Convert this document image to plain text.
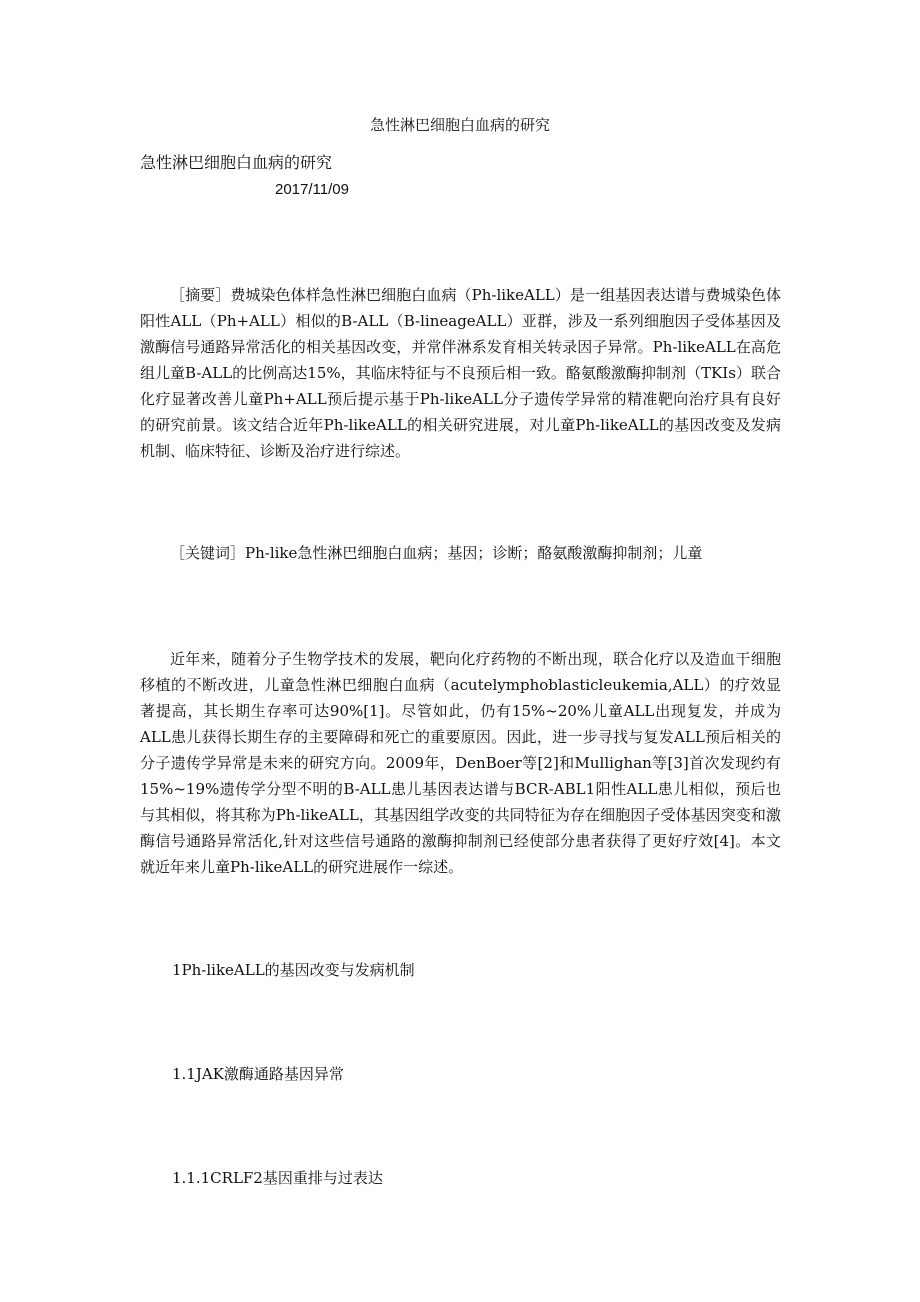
急性淋巴细胞白血病的研究
急性淋巴细胞白血病的研究
2017/11/09

［摘要］费城染色体样急性淋巴细胞白血病（Ph-likeALL）是一组基因表达谱与费城染色体阳性ALL（Ph+ALL）相似的B-ALL（B-lineageALL）亚群，涉及一系列细胞因子受体基因及激酶信号通路异常活化的相关基因改变，并常伴淋系发育相关转录因子异常。Ph-likeALL在高危组儿童B-ALL的比例高达15%，其临床特征与不良预后相一致。酪氨酸激酶抑制剂（TKIs）联合化疗显著改善儿童Ph+ALL预后提示基于Ph-likeALL分子遗传学异常的精准靶向治疗具有良好的研究前景。该文结合近年Ph-likeALL的相关研究进展，对儿童Ph-likeALL的基因改变及发病机制、临床特征、诊断及治疗进行综述。

［关键词］Ph-like急性淋巴细胞白血病；基因；诊断；酪氨酸激酶抑制剂；儿童

近年来，随着分子生物学技术的发展，靶向化疗药物的不断出现，联合化疗以及造血干细胞移植的不断改进，儿童急性淋巴细胞白血病（acutelymphoblasticleukemia,ALL）的疗效显著提高，其长期生存率可达90%[1]。尽管如此，仍有15%~20%儿童ALL出现复发，并成为ALL患儿获得长期生存的主要障碍和死亡的重要原因。因此，进一步寻找与复发ALL预后相关的分子遗传学异常是未来的研究方向。2009年，DenBoer等[2]和Mullighan等[3]首次发现约有15%~19%遗传学分型不明的B-ALL患儿基因表达谱与BCR-ABL1阳性ALL患儿相似，预后也与其相似，将其称为Ph-likeALL，其基因组学改变的共同特征为存在细胞因子受体基因突变和激酶信号通路异常活化,针对这些信号通路的激酶抑制剂已经使部分患者获得了更好疗效[4]。本文就近年来儿童Ph-likeALL的研究进展作一综述。

1Ph-likeALL的基因改变与发病机制
1.1JAK激酶通路基因异常
1.1.1CRLF2基因重排与过表达
